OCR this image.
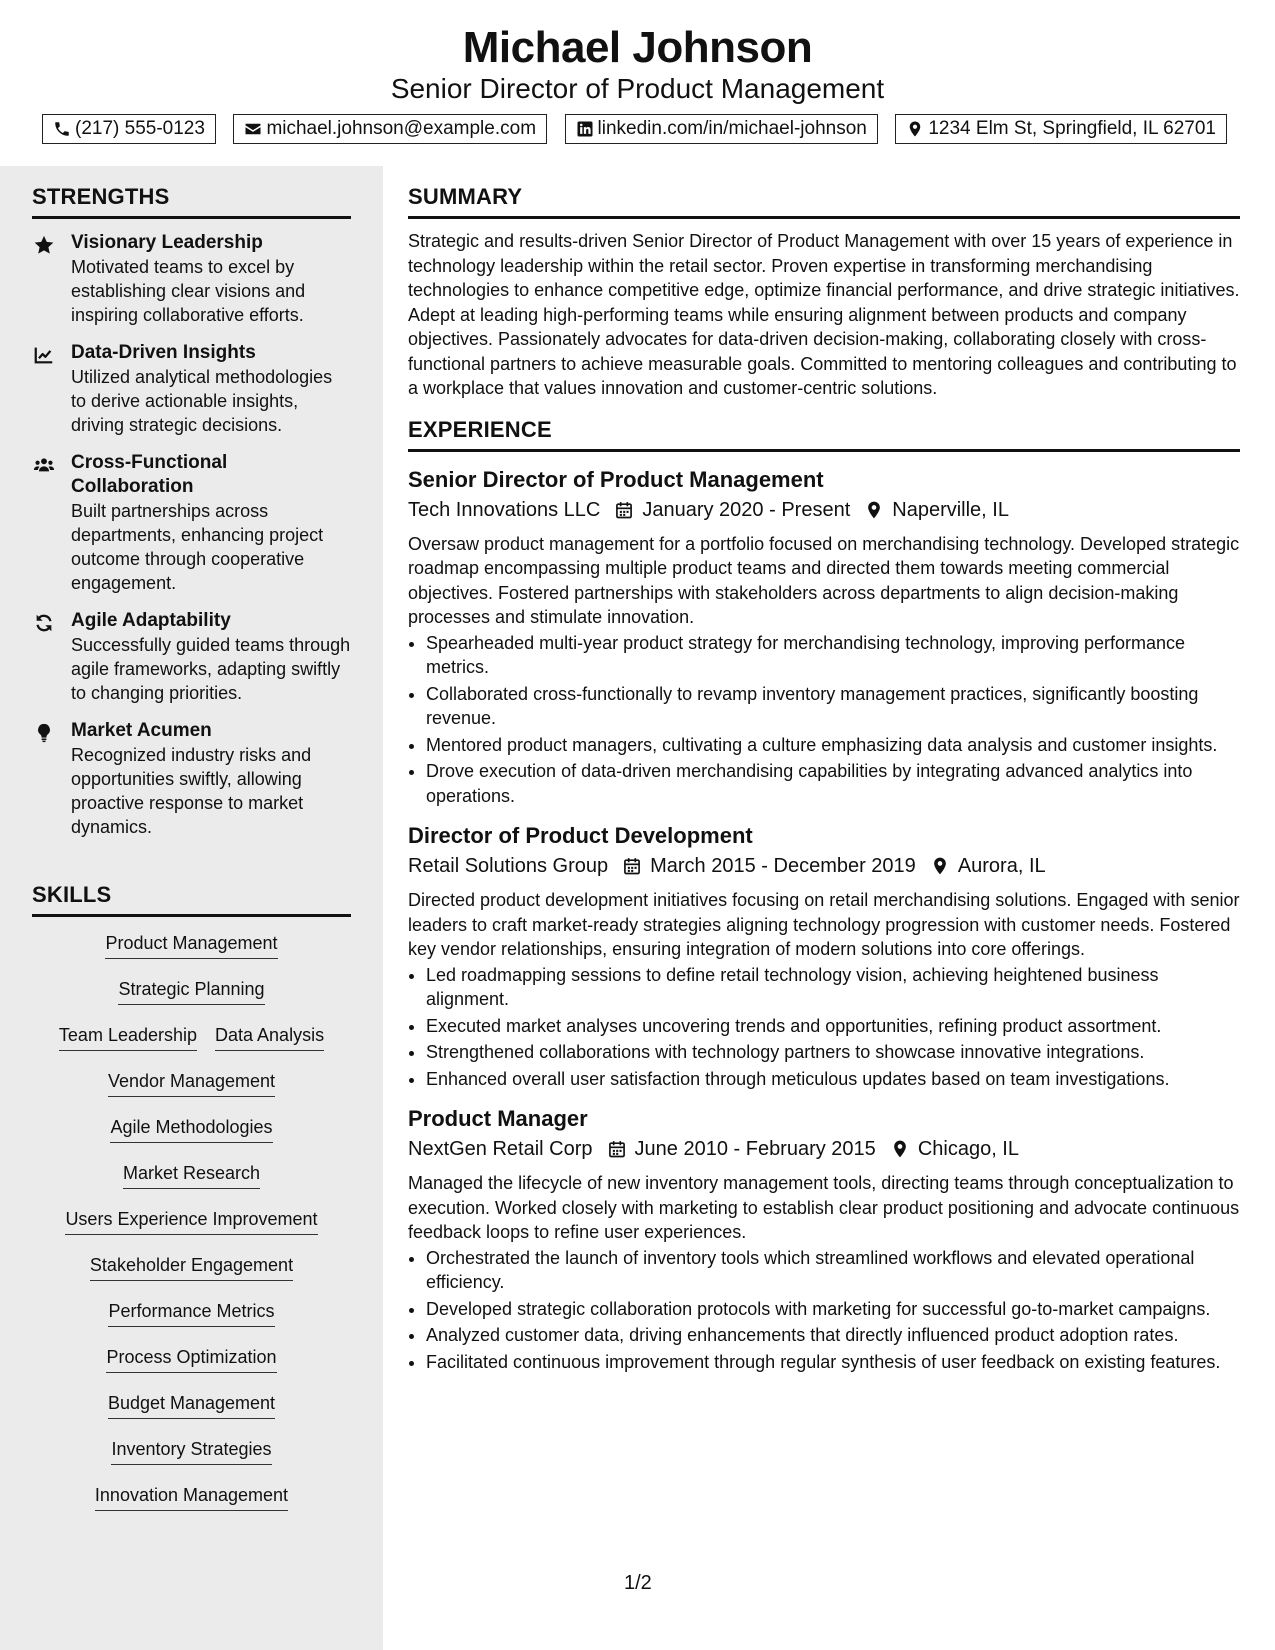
Michael Johnson
Senior Director of Product Management
(217) 555-0123	michael.johnson@example.com	linkedin.com/in/michael-johnson	1234 Elm St, Springfield, IL 62701
STRENGTHS
Visionary Leadership
Motivated teams to excel by establishing clear visions and inspiring collaborative efforts.
Data-Driven Insights
Utilized analytical methodologies to derive actionable insights, driving strategic decisions.
Cross-Functional Collaboration
Built partnerships across departments, enhancing project outcome through cooperative engagement.
Agile Adaptability
Successfully guided teams through agile frameworks, adapting swiftly to changing priorities.
Market Acumen
Recognized industry risks and opportunities swiftly, allowing proactive response to market dynamics.
SKILLS
Product Management
Strategic Planning
Team Leadership Data Analysis
Vendor Management
Agile Methodologies
Market Research
Users Experience Improvement
Stakeholder Engagement
Performance Metrics
Process Optimization
Budget Management
Inventory Strategies
Innovation Management
SUMMARY

Strategic and results-driven Senior Director of Product Management with over 15 years of experience in technology leadership within the retail sector. Proven expertise in transforming merchandising technologies to enhance competitive edge, optimize financial performance, and drive strategic initiatives. Adept at leading high-performing teams while ensuring alignment between products and company objectives. Passionately advocates for data-driven decision-making, collaborating closely with cross-functional partners to achieve measurable goals. Committed to mentoring colleagues and contributing to a workplace that values innovation and customer-centric solutions.

EXPERIENCE
Senior Director of Product Management
Tech Innovations LLC January 2020 - Present Naperville, IL

Oversaw product management for a portfolio focused on merchandising technology. Developed strategic roadmap encompassing multiple product teams and directed them towards meeting commercial objectives. Fostered partnerships with stakeholders across departments to align decision-making processes and stimulate innovation.

• Spearheaded multi-year product strategy for merchandising technology, improving performance metrics.
• Collaborated cross-functionally to revamp inventory management practices, significantly boosting revenue.
• Mentored product managers, cultivating a culture emphasizing data analysis and customer insights.
• Drove execution of data-driven merchandising capabilities by integrating advanced analytics into operations.
Director of Product Development
Retail Solutions Group March 2015 - December 2019 Aurora, IL

Directed product development initiatives focusing on retail merchandising solutions. Engaged with senior leaders to craft market-ready strategies aligning technology progression with customer needs. Fostered key vendor relationships, ensuring integration of modern solutions into core offerings.

• Led roadmapping sessions to define retail technology vision, achieving heightened business alignment.
• Executed market analyses uncovering trends and opportunities, refining product assortment.
• Strengthened collaborations with technology partners to showcase innovative integrations.
• Enhanced overall user satisfaction through meticulous updates based on team investigations.
Product Manager
NextGen Retail Corp June 2010 - February 2015 Chicago, IL

Managed the lifecycle of new inventory management tools, directing teams through conceptualization to execution. Worked closely with marketing to establish clear product positioning and advocate continuous feedback loops to refine user experiences.

• Orchestrated the launch of inventory tools which streamlined workflows and elevated operational efficiency.
• Developed strategic collaboration protocols with marketing for successful go-to-market campaigns.
• Analyzed customer data, driving enhancements that directly influenced product adoption rates.
• Facilitated continuous improvement through regular synthesis of user feedback on existing features.
1/2
